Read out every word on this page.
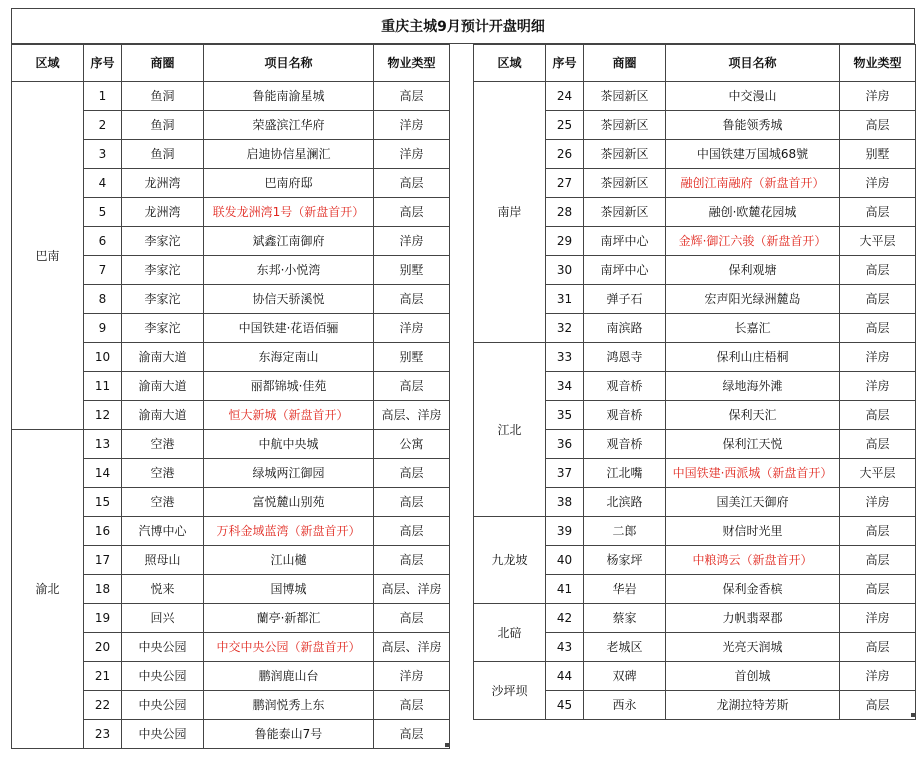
重庆主城9月预计开盘明细
区域	序号	商圈	项目名称	物业类型
巴南	1	鱼洞	鲁能南渝星城	高层
	2	鱼洞	荣盛滨江华府	洋房
	3	鱼洞	启迪协信星澜汇	洋房
	4	龙洲湾	巴南府邸	高层
	5	龙洲湾	联发龙洲湾1号（新盘首开）	高层
	6	李家沱	斌鑫江南御府	洋房
	7	李家沱	东邦·小悦湾	别墅
	8	李家沱	协信天骄溪悦	高层
	9	李家沱	中国铁建·花语佰骊	洋房
	10	渝南大道	东海定南山	别墅
	11	渝南大道	丽都锦城·佳苑	高层
	12	渝南大道	恒大新城（新盘首开）	高层、洋房
渝北	13	空港	中航中央城	公寓
	14	空港	绿城两江御园	高层
	15	空港	富悦麓山别苑	高层
	16	汽博中心	万科金域蓝湾（新盘首开）	高层
	17	照母山	江山樾	高层
	18	悦来	国博城	高层、洋房
	19	回兴	蘭亭·新都汇	高层
	20	中央公园	中交中央公园（新盘首开）	高层、洋房
	21	中央公园	鹏润鹿山台	洋房
	22	中央公园	鹏润悦秀上东	高层
	23	中央公园	鲁能泰山7号	高层
区域	序号	商圈	项目名称	物业类型
南岸	24	茶园新区	中交漫山	洋房
	25	茶园新区	鲁能领秀城	高层
	26	茶园新区	中国铁建万国城68號	别墅
	27	茶园新区	融创江南融府（新盘首开）	洋房
	28	茶园新区	融创·欧麓花园城	高层
	29	南坪中心	金辉·御江六骏（新盘首开）	大平层
	30	南坪中心	保利观塘	高层
	31	弹子石	宏声阳光绿洲麓岛	高层
	32	南滨路	长嘉汇	高层
江北	33	鸿恩寺	保利山庄梧桐	洋房
	34	观音桥	绿地海外滩	洋房
	35	观音桥	保利天汇	高层
	36	观音桥	保利江天悦	高层
	37	江北嘴	中国铁建·西派城（新盘首开）	大平层
	38	北滨路	国美江天御府	洋房
九龙坡	39	二郎	财信时光里	高层
	40	杨家坪	中粮鸿云（新盘首开）	高层
	41	华岩	保利金香槟	高层
北碚	42	蔡家	力帆翡翠郡	洋房
	43	老城区	光亮天润城	高层
沙坪坝	44	双碑	首创城	洋房
	45	西永	龙湖拉特芳斯	高层
